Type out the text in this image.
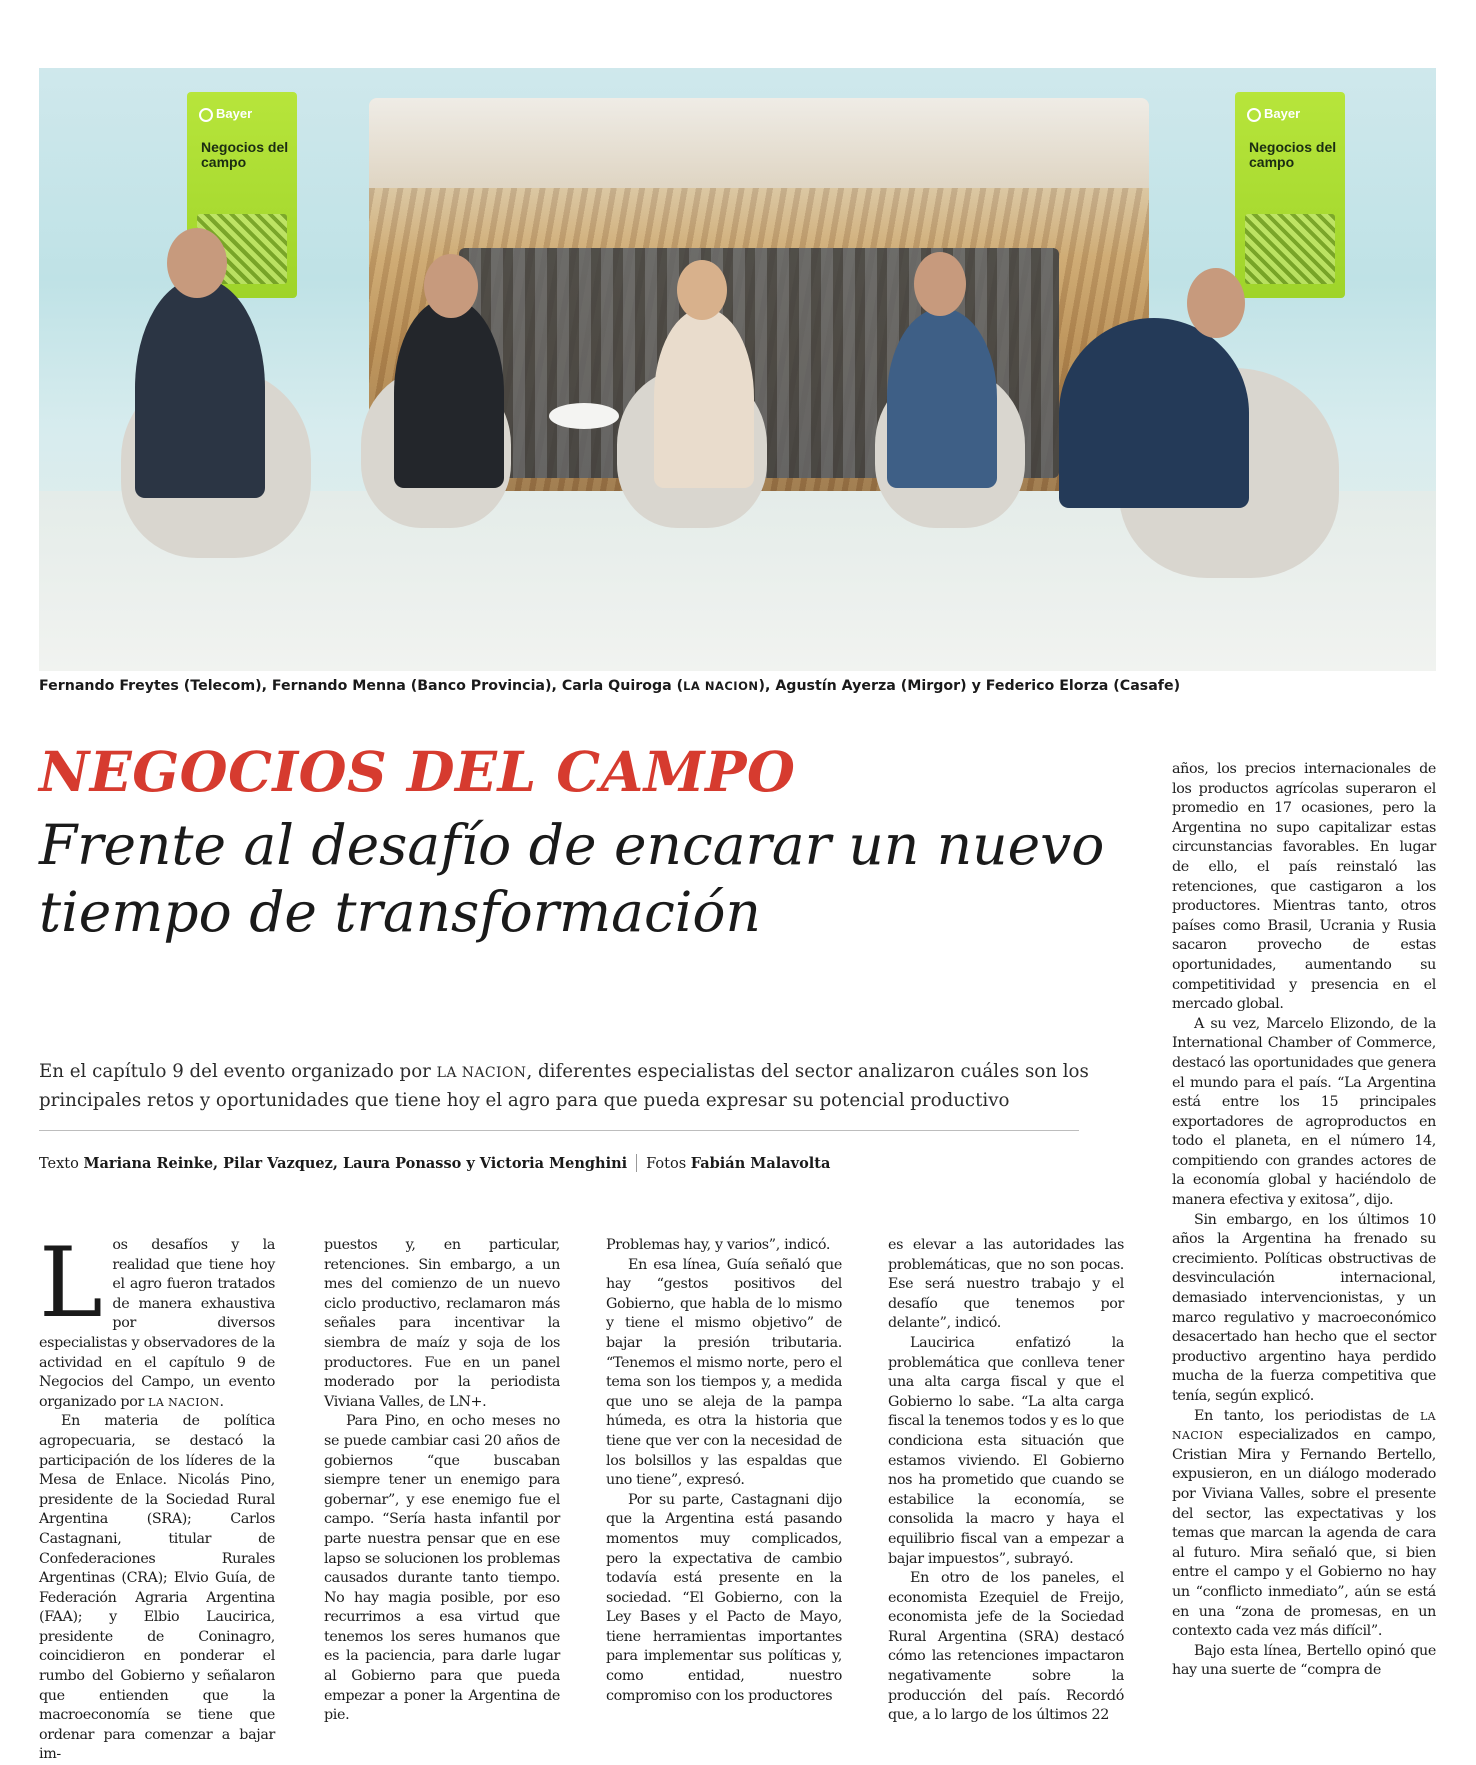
Bayer
Negocios del campo
Bayer
Negocios del campo
Fernando Freytes (Telecom), Fernando Menna (Banco Provincia), Carla Quiroga (LA NACION), Agustín Ayerza (Mirgor) y Federico Elorza (Casafe)
NEGOCIOS DEL CAMPO
Frente al desafío de encarar un nuevo tiempo de transformación
En el capítulo 9 del evento organizado por LA NACION, diferentes especialistas del sector analizaron cuáles son los principales retos y oportunidades que tiene hoy el agro para que pueda expresar su potencial productivo
Texto Mariana Reinke, Pilar Vazquez, Laura Ponasso y Victoria Menghini Fotos Fabián Malavolta

Los desafíos y la realidad que tiene hoy el agro fueron tratados de manera exhaustiva por diversos especialistas y observadores de la actividad en el capítulo 9 de Negocios del Campo, un evento organizado por LA NACION.

En materia de política agropecuaria, se destacó la participación de los líderes de la Mesa de Enlace. Nicolás Pino, presidente de la Sociedad Rural Argentina (SRA); Carlos Castagnani, titular de Confederaciones Rurales Argentinas (CRA); Elvio Guía, de Federación Agraria Argentina (FAA); y Elbio Laucirica, presidente de Coninagro, coincidieron en ponderar el rumbo del Gobierno y señalaron que entienden que la macroeconomía se tiene que ordenar para comenzar a bajar im-

puestos y, en particular, retenciones. Sin embargo, a un mes del comienzo de un nuevo ciclo productivo, reclamaron más señales para incentivar la siembra de maíz y soja de los productores. Fue en un panel moderado por la periodista Viviana Valles, de LN+.

Para Pino, en ocho meses no se puede cambiar casi 20 años de gobiernos “que buscaban siempre tener un enemigo para gobernar”, y ese enemigo fue el campo. “Sería hasta infantil por parte nuestra pensar que en ese lapso se solucionen los problemas causados durante tanto tiempo. No hay magia posible, por eso recurrimos a esa virtud que tenemos los seres humanos que es la paciencia, para darle lugar al Gobierno para que pueda empezar a poner la Argentina de pie.

Problemas hay, y varios”, indicó.

En esa línea, Guía señaló que hay “gestos positivos del Gobierno, que habla de lo mismo y tiene el mismo objetivo” de bajar la presión tributaria. “Tenemos el mismo norte, pero el tema son los tiempos y, a medida que uno se aleja de la pampa húmeda, es otra la historia que tiene que ver con la necesidad de los bolsillos y las espaldas que uno tiene”, expresó.

Por su parte, Castagnani dijo que la Argentina está pasando momentos muy complicados, pero la expectativa de cambio todavía está presente en la sociedad. “El Gobierno, con la Ley Bases y el Pacto de Mayo, tiene herramientas importantes para implementar sus políticas y, como entidad, nuestro compromiso con los productores

es elevar a las autoridades las problemáticas, que no son pocas. Ese será nuestro trabajo y el desafío que tenemos por delante”, indicó.

Laucirica enfatizó la problemática que conlleva tener una alta carga fiscal y que el Gobierno lo sabe. “La alta carga fiscal la tenemos todos y es lo que condiciona esta situación que estamos viviendo. El Gobierno nos ha prometido que cuando se estabilice la economía, se consolida la macro y haya el equilibrio fiscal van a empezar a bajar impuestos”, subrayó.

En otro de los paneles, el economista Ezequiel de Freijo, economista jefe de la Sociedad Rural Argentina (SRA) destacó cómo las retenciones impactaron negativamente sobre la producción del país. Recordó que, a lo largo de los últimos 22

años, los precios internacionales de los productos agrícolas superaron el promedio en 17 ocasiones, pero la Argentina no supo capitalizar estas circunstancias favorables. En lugar de ello, el país reinstaló las retenciones, que castigaron a los productores. Mientras tanto, otros países como Brasil, Ucrania y Rusia sacaron provecho de estas oportunidades, aumentando su competitividad y presencia en el mercado global.

A su vez, Marcelo Elizondo, de la International Chamber of Commerce, destacó las oportunidades que genera el mundo para el país. “La Argentina está entre los 15 principales exportadores de agroproductos en todo el planeta, en el número 14, compitiendo con grandes actores de la economía global y haciéndolo de manera efectiva y exitosa”, dijo.

Sin embargo, en los últimos 10 años la Argentina ha frenado su crecimiento. Políticas obstructivas de desvinculación internacional, demasiado intervencionistas, y un marco regulativo y macroeconómico desacertado han hecho que el sector productivo argentino haya perdido mucha de la fuerza competitiva que tenía, según explicó.

En tanto, los periodistas de LA NACION especializados en campo, Cristian Mira y Fernando Bertello, expusieron, en un diálogo moderado por Viviana Valles, sobre el presente del sector, las expectativas y los temas que marcan la agenda de cara al futuro. Mira señaló que, si bien entre el campo y el Gobierno no hay un “conflicto inmediato”, aún se está en una “zona de promesas, en un contexto cada vez más difícil”.

Bajo esta línea, Bertello opinó que hay una suerte de “compra de
